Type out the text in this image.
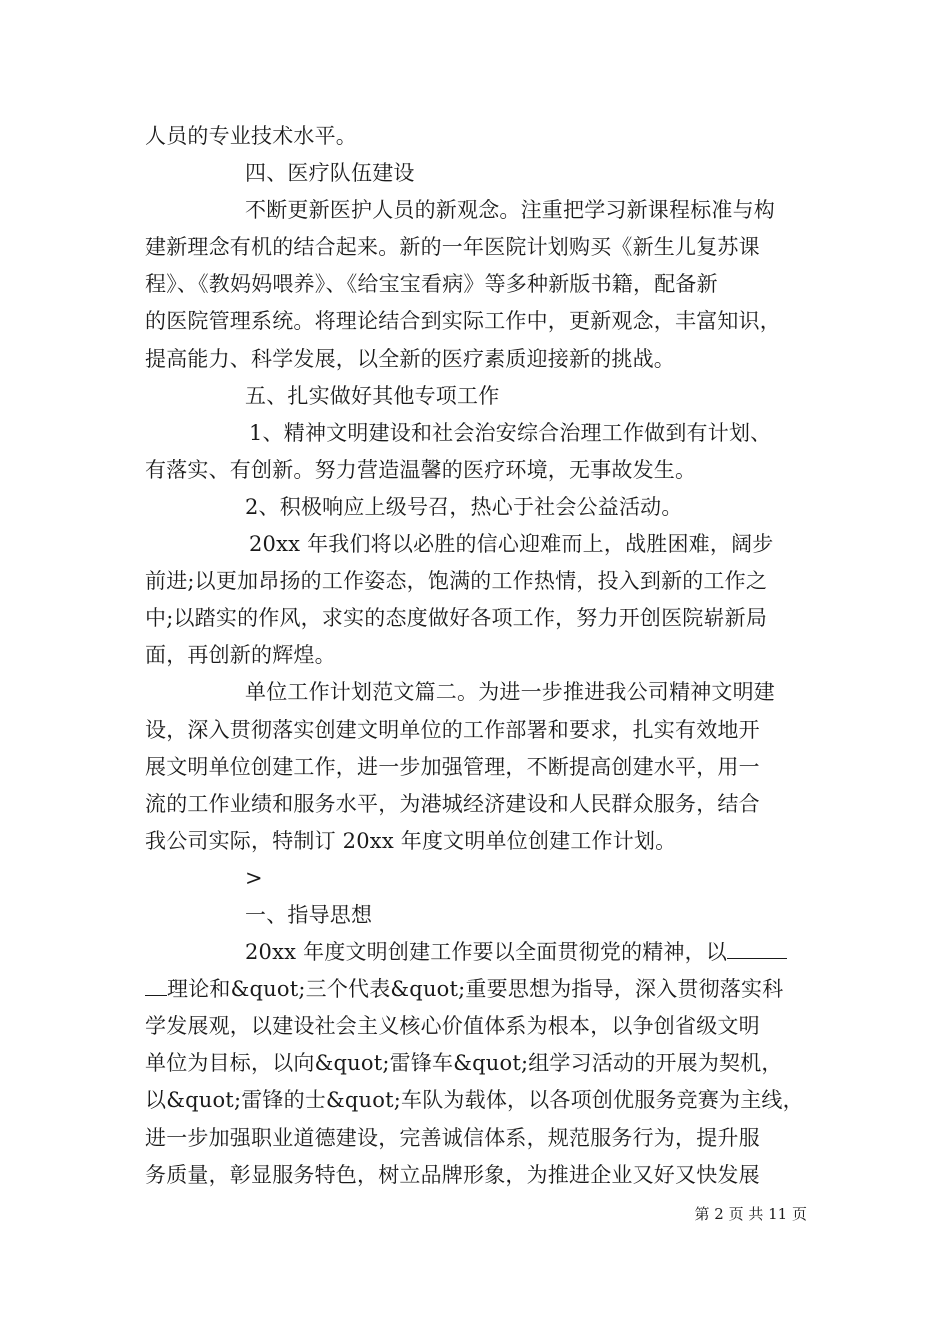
人员的专业技术水平。
四、医疗队伍建设
不断更新医护人员的新观念。注重把学习新课程标准与构
建新理念有机的结合起来。新的一年医院计划购买《新生儿复苏课
程》、《教妈妈喂养》、《给宝宝看病》等多种新版书籍，配备新
的医院管理系统。将理论结合到实际工作中，更新观念，丰富知识，
提高能力、科学发展，以全新的医疗素质迎接新的挑战。
五、扎实做好其他专项工作
1、精神文明建设和社会治安综合治理工作做到有计划、
有落实、有创新。努力营造温馨的医疗环境，无事故发生。
2、积极响应上级号召，热心于社会公益活动。
20xx 年我们将以必胜的信心迎难而上，战胜困难，阔步
前进;以更加昂扬的工作姿态，饱满的工作热情，投入到新的工作之
中;以踏实的作风，求实的态度做好各项工作，努力开创医院崭新局
面，再创新的辉煌。
单位工作计划范文篇二。为进一步推进我公司精神文明建
设，深入贯彻落实创建文明单位的工作部署和要求，扎实有效地开
展文明单位创建工作，进一步加强管理，不断提高创建水平，用一
流的工作业绩和服务水平，为港城经济建设和人民群众服务，结合
我公司实际，特制订 20xx 年度文明单位创建工作计划。
>
一、指导思想
20xx 年度文明创建工作要以全面贯彻党的精神，以
理论和&quot;三个代表&quot;重要思想为指导，深入贯彻落实科
学发展观，以建设社会主义核心价值体系为根本，以争创省级文明
单位为目标，以向&quot;雷锋车&quot;组学习活动的开展为契机，
以&quot;雷锋的士&quot;车队为载体，以各项创优服务竞赛为主线，
进一步加强职业道德建设，完善诚信体系，规范服务行为，提升服
务质量，彰显服务特色，树立品牌形象，为推进企业又好又快发展
第 2 页 共 11 页
